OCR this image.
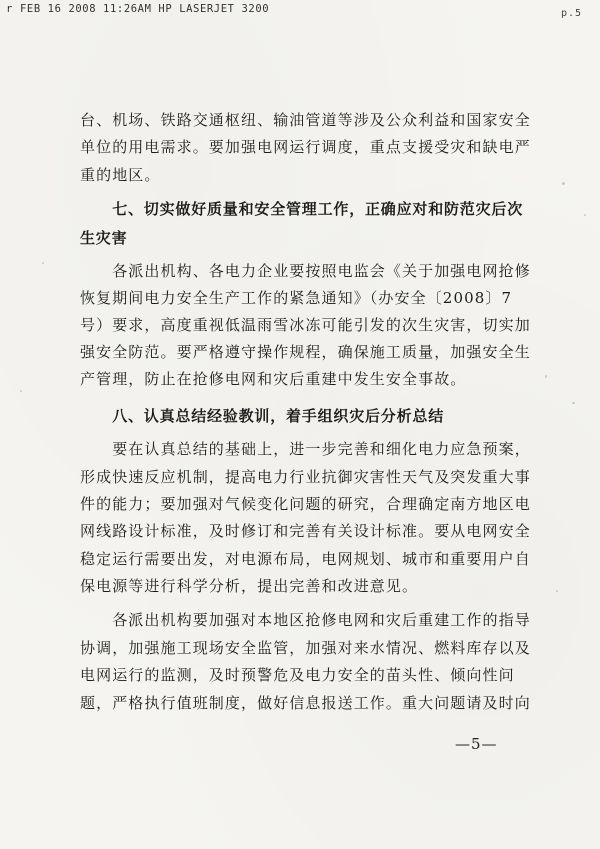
r FEB 16 2008 11:26AM HP LASERJET 3200	p.5
台、机场、铁路交通枢纽、输油管道等涉及公众利益和国家安全
单位的用电需求。要加强电网运行调度，重点支援受灾和缺电严
重的地区。
七、切实做好质量和安全管理工作，正确应对和防范灾后次
生灾害
各派出机构、各电力企业要按照电监会《关于加强电网抢修
恢复期间电力安全生产工作的紧急通知》（办安全〔2008〕7
号）要求，高度重视低温雨雪冰冻可能引发的次生灾害，切实加
强安全防范。要严格遵守操作规程，确保施工质量，加强安全生
产管理，防止在抢修电网和灾后重建中发生安全事故。
八、认真总结经验教训，着手组织灾后分析总结
要在认真总结的基础上，进一步完善和细化电力应急预案，
形成快速反应机制，提高电力行业抗御灾害性天气及突发重大事
件的能力；要加强对气候变化问题的研究，合理确定南方地区电
网线路设计标准，及时修订和完善有关设计标准。要从电网安全
稳定运行需要出发，对电源布局，电网规划、城市和重要用户自
保电源等进行科学分析，提出完善和改进意见。
各派出机构要加强对本地区抢修电网和灾后重建工作的指导
协调，加强施工现场安全监管，加强对来水情况、燃料库存以及
电网运行的监测，及时预警危及电力安全的苗头性、倾向性问
题，严格执行值班制度，做好信息报送工作。重大问题请及时向
—5—
